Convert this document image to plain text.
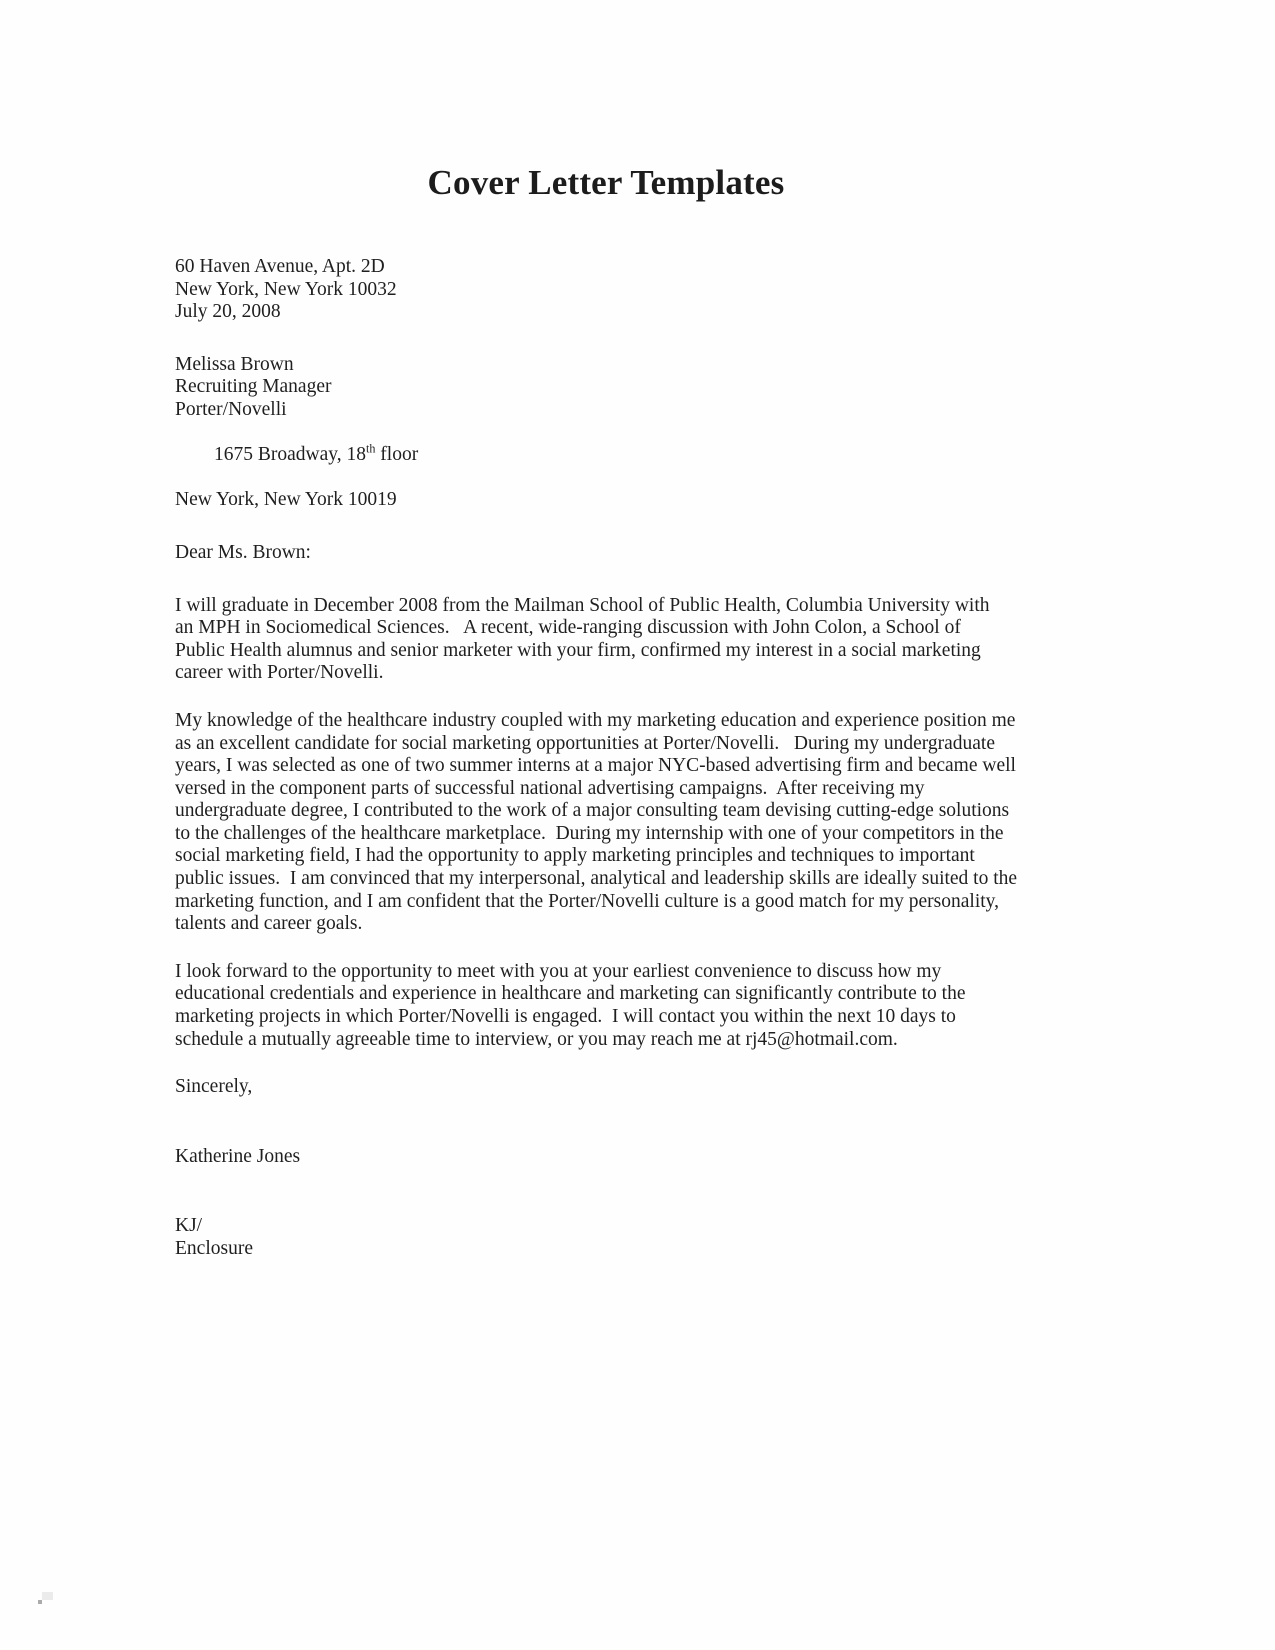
Cover Letter Templates
60 Haven Avenue, Apt. 2D
New York, New York 10032
July 20, 2008
Melissa Brown
Recruiting Manager
Porter/Novelli

1675 Broadway, 18th floor

New York, New York 10019
Dear Ms. Brown:
I will graduate in December 2008 from the Mailman School of Public Health, Columbia University with
an MPH in Sociomedical Sciences.   A recent, wide-ranging discussion with John Colon, a School of
Public Health alumnus and senior marketer with your firm, confirmed my interest in a social marketing
career with Porter/Novelli.
My knowledge of the healthcare industry coupled with my marketing education and experience position me
as an excellent candidate for social marketing opportunities at Porter/Novelli.   During my undergraduate
years, I was selected as one of two summer interns at a major NYC-based advertising firm and became well
versed in the component parts of successful national advertising campaigns.  After receiving my
undergraduate degree, I contributed to the work of a major consulting team devising cutting-edge solutions
to the challenges of the healthcare marketplace.  During my internship with one of your competitors in the
social marketing field, I had the opportunity to apply marketing principles and techniques to important
public issues.  I am convinced that my interpersonal, analytical and leadership skills are ideally suited to the
marketing function, and I am confident that the Porter/Novelli culture is a good match for my personality,
talents and career goals.
I look forward to the opportunity to meet with you at your earliest convenience to discuss how my
educational credentials and experience in healthcare and marketing can significantly contribute to the
marketing projects in which Porter/Novelli is engaged.  I will contact you within the next 10 days to
schedule a mutually agreeable time to interview, or you may reach me at rj45@hotmail.com.
Sincerely,
Katherine Jones
KJ/
Enclosure
